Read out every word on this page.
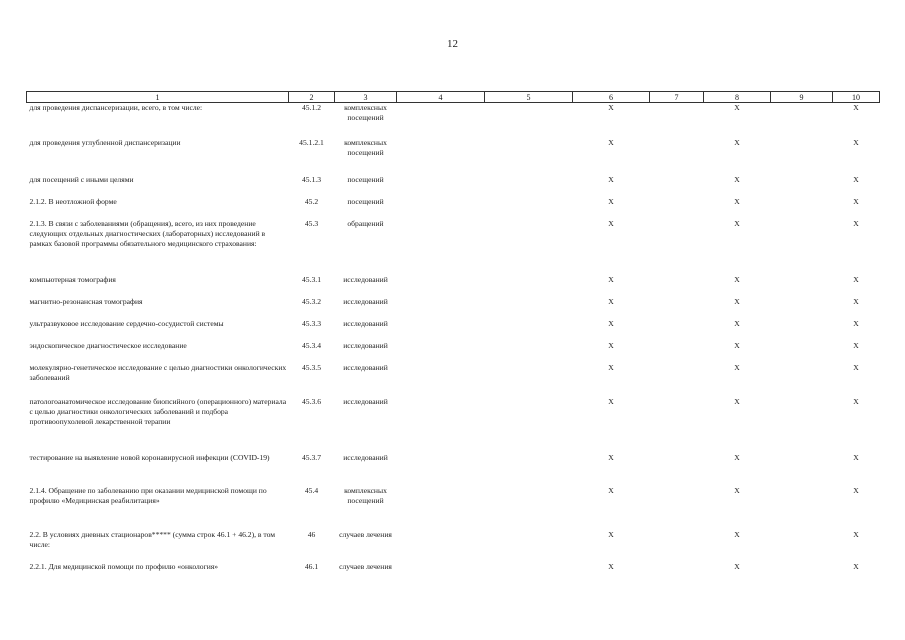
12
1	2	3	4	5	6	7	8	9	10
для проведения диспансеризации, всего, в том числе:	45.1.2	комплексных посещений			X		X		X
для проведения углубленной диспансеризации	45.1.2.1	комплексных посещений			X		X		X
для посещений с иными целями	45.1.3	посещений			X		X		X
2.1.2. В неотложной форме	45.2	посещений			X		X		X
2.1.3. В связи с заболеваниями (обращения), всего, из них проведение следующих отдельных диагностических (лабораторных) исследований в рамках базовой программы обязательного медицинского страхования:	45.3	обращений			X		X		X
компьютерная томография	45.3.1	исследований			X		X		X
магнитно-резонансная томография	45.3.2	исследований			X		X		X
ультразвуковое исследование сердечно-сосудистой системы	45.3.3	исследований			X		X		X
эндоскопическое диагностическое исследование	45.3.4	исследований			X		X		X
молекулярно-генетическое исследование с целью диагностики онкологических заболеваний	45.3.5	исследований			X		X		X
патологоанатомическое исследование биопсийного (операционного) материала с целью диагностики онкологических заболеваний и подбора противоопухолевой лекарственной терапии	45.3.6	исследований			X		X		X
тестирование на выявление новой коронавирусной инфекции (COVID-19)	45.3.7	исследований			X		X		X
2.1.4. Обращение по заболеванию при оказании медицинской помощи по профилю «Медицинская реабилитация»	45.4	комплексных посещений			X		X		X
2.2. В условиях дневных стационаров***** (сумма строк 46.1 + 46.2), в том числе:	46	случаев лечения			X		X		X
2.2.1. Для медицинской помощи по профилю «онкология»	46.1	случаев лечения			X		X		X
